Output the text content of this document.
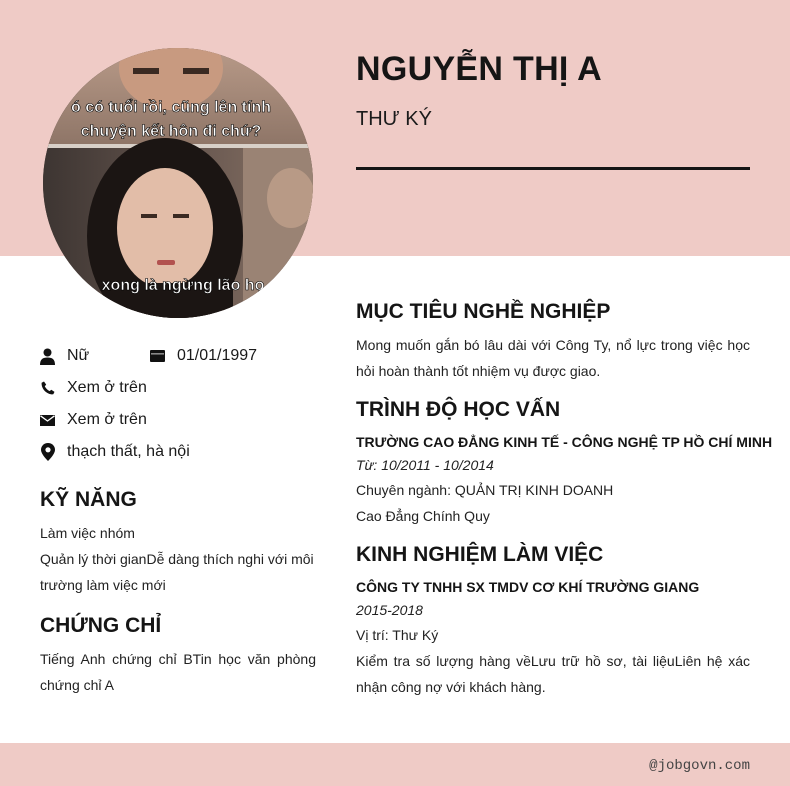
ó có tuổi rồi, cũng lên tính
chuyện kết hôn đi chứ?
xong là ngừng lão họ
NGUYỄN THỊ A
THƯ KÝ
Nữ	01/01/1997
Xem ở trên
Xem ở trên
thạch thất, hà nội
KỸ NĂNG
Làm việc nhóm
Quản lý thời gianDễ dàng thích nghi với môi trường làm việc mới
CHỨNG CHỈ
Tiếng Anh chứng chỉ BTin học văn phòng chứng chỉ A
MỤC TIÊU NGHỀ NGHIỆP
Mong muốn gắn bó lâu dài với Công Ty, nổ lực trong việc học hỏi hoàn thành tốt nhiệm vụ được giao.
TRÌNH ĐỘ HỌC VẤN
TRƯỜNG CAO ĐẲNG KINH TẾ - CÔNG NGHỆ TP HỒ CHÍ MINH
Từ: 10/2011 - 10/2014
Chuyên ngành: QUẢN TRỊ KINH DOANH
Cao Đẳng Chính Quy
KINH NGHIỆM LÀM VIỆC
CÔNG TY TNHH SX TMDV CƠ KHÍ TRƯỜNG GIANG
2015-2018
Vị trí: Thư Ký
Kiểm tra số lượng hàng vềLưu trữ hồ sơ, tài liệuLiên hệ xác nhận công nợ với khách hàng.
@jobgovn.com
